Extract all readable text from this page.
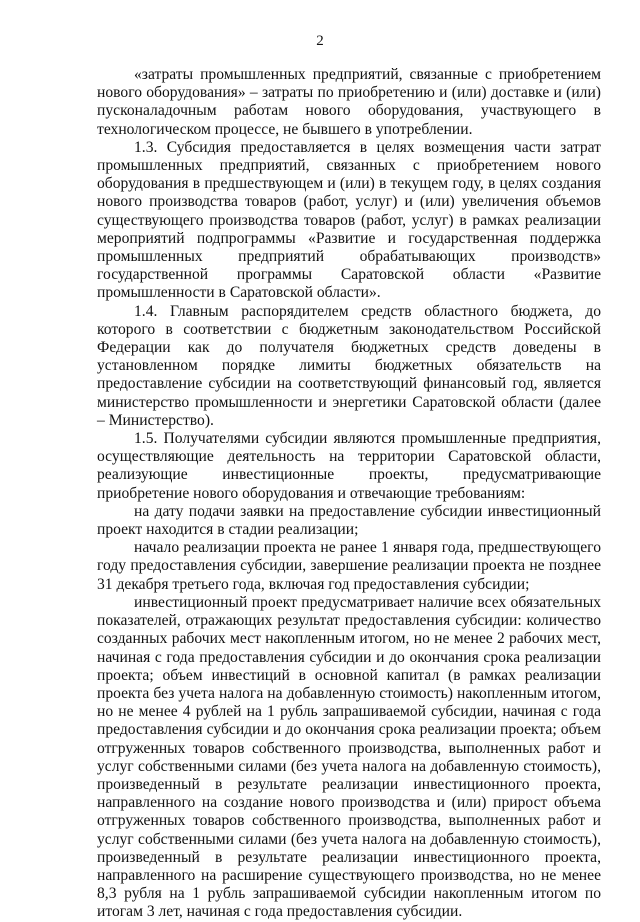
2

«затраты промышленных предприятий, связанные с приобретением нового оборудования» – затраты по приобретению и (или) доставке и (или) пусконаладочным работам нового оборудования, участвующего в технологическом процессе, не бывшего в употреблении.

1.3. Субсидия предоставляется в целях возмещения части затрат промышленных предприятий, связанных с приобретением нового оборудования в предшествующем и (или) в текущем году, в целях создания нового производства товаров (работ, услуг) и (или) увеличения объемов существующего производства товаров (работ, услуг) в рамках реализации мероприятий подпрограммы «Развитие и государственная поддержка промышленных предприятий обрабатывающих производств» государственной программы Саратовской области «Развитие промышленности в Саратовской области».

1.4. Главным распорядителем средств областного бюджета, до которого в соответствии с бюджетным законодательством Российской Федерации как до получателя бюджетных средств доведены в установленном порядке лимиты бюджетных обязательств на предоставление субсидии на соответствующий финансовый год, является министерство промышленности и энергетики Саратовской области (далее – Министерство).

1.5. Получателями субсидии являются промышленные предприятия, осуществляющие деятельность на территории Саратовской области, реализующие инвестиционные проекты, предусматривающие приобретение нового оборудования и отвечающие требованиям:

на дату подачи заявки на предоставление субсидии инвестиционный проект находится в стадии реализации;

начало реализации проекта не ранее 1 января года, предшествующего году предоставления субсидии, завершение реализации проекта не позднее 31 декабря третьего года, включая год предоставления субсидии;

инвестиционный проект предусматривает наличие всех обязательных показателей, отражающих результат предоставления субсидии: количество созданных рабочих мест накопленным итогом, но не менее 2 рабочих мест, начиная с года предоставления субсидии и до окончания срока реализации проекта; объем инвестиций в основной капитал (в рамках реализации проекта без учета налога на добавленную стоимость) накопленным итогом, но не менее 4 рублей на 1 рубль запрашиваемой субсидии, начиная с года предоставления субсидии и до окончания срока реализации проекта; объем отгруженных товаров собственного производства, выполненных работ и услуг собственными силами (без учета налога на добавленную стоимость), произведенный в результате реализации инвестиционного проекта, направленного на создание нового производства и (или) прирост объема отгруженных товаров собственного производства, выполненных работ и услуг собственными силами (без учета налога на добавленную стоимость), произведенный в результате реализации инвестиционного проекта, направленного на расширение существующего производства, но не менее 8,3 рубля на 1 рубль запрашиваемой субсидии накопленным итогом по итогам 3 лет, начиная с года предоставления субсидии.
